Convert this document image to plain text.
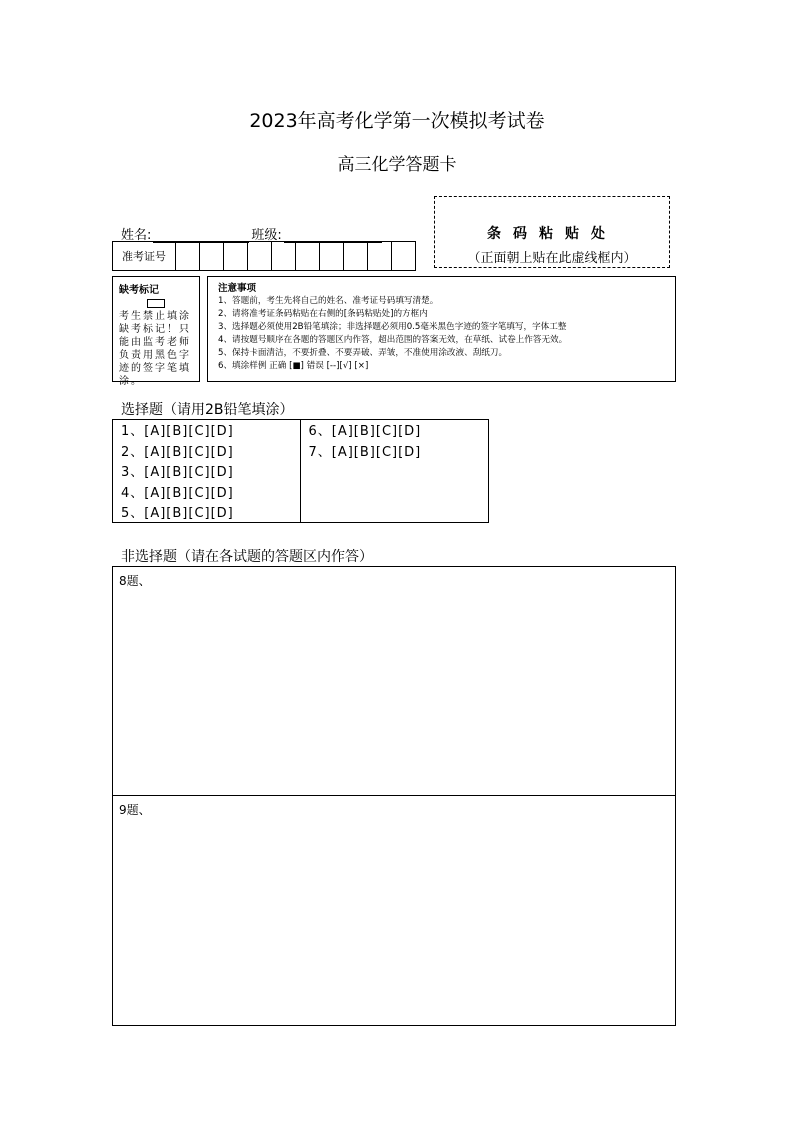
2023年高考化学第一次模拟考试卷
高三化学答题卡
条码粘贴处
（正面朝上贴在此虚线框内）
姓名:	班级:
准考证号
缺考标记
考生禁止填涂缺考标记！只能由监考老师负责用黑色字迹的签字笔填涂。
注意事项
1、答题前，考生先将自己的姓名、准考证号码填写清楚。
2、请将准考证条码粘贴在右侧的[条码粘贴处]的方框内
3、选择题必须使用2B铅笔填涂；非选择题必须用0.5毫米黑色字迹的签字笔填写，字体工整
4、请按题号顺序在各题的答题区内作答，超出范围的答案无效，在草纸、试卷上作答无效。
5、保持卡面清洁，不要折叠、不要弄破、弄皱，不准使用涂改液、刮纸刀。
6、填涂样例 正确 [■] 错误 [--][√] [×]
选择题（请用2B铅笔填涂）
1、[A][B][C][D]
2、[A][B][C][D]
3、[A][B][C][D]
4、[A][B][C][D]
5、[A][B][C][D]
6、[A][B][C][D]
7、[A][B][C][D]
非选择题（请在各试题的答题区内作答）
8题、
9题、
